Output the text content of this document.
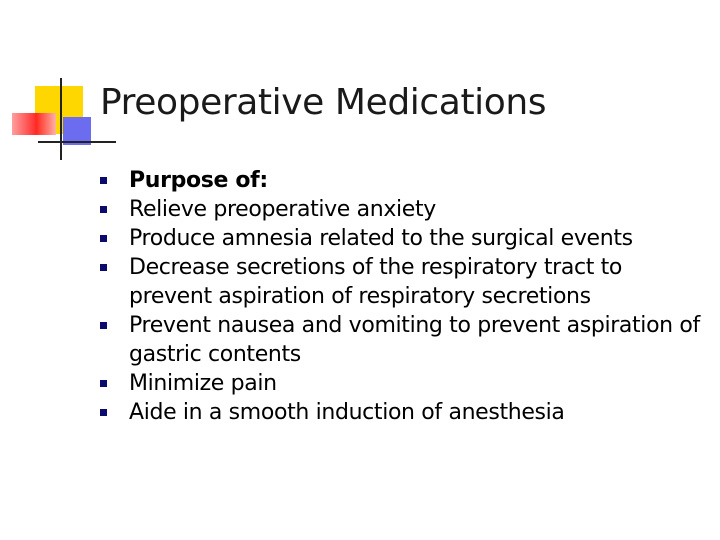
Preoperative Medications
Purpose of:
Relieve preoperative anxiety
Produce amnesia related to the surgical events
Decrease secretions of the respiratory tract to prevent aspiration of respiratory secretions
Prevent nausea and vomiting to prevent aspiration of gastric contents
Minimize pain
Aide in a smooth induction of anesthesia
